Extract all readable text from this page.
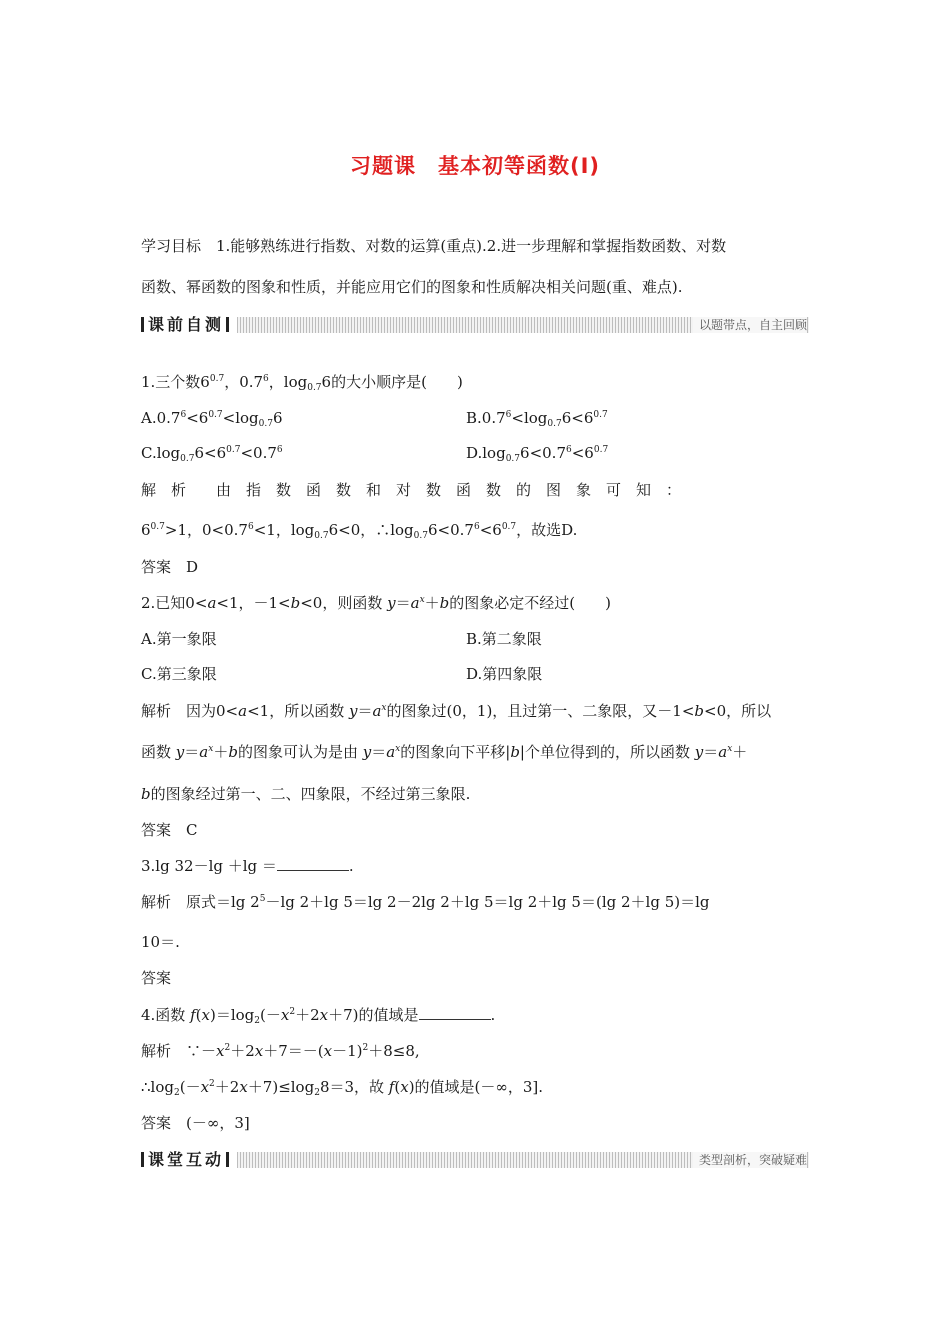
习题课　基本初等函数(Ⅰ)
学习目标　1.能够熟练进行指数、对数的运算(重点).2.进一步理解和掌握指数函数、对数
函数、幂函数的图象和性质，并能应用它们的图象和性质解决相关问题(重、难点).
课前自测	以题带点，自主回顾
1.三个数$6^{0.7}$，$0.7^6$，$\log_{0.7}6$的大小顺序是(　　)
$A.0.7^6<6^{0.7}<\log_{0.7}6$	$B.0.7^6<\log_{0.7}6<6^{0.7}$
$C.\log_{0.7}6<6^{0.7}<0.7^6$	$D.\log_{0.7}6<0.7^6<6^{0.7}$
解　析　　由　指　数　函　数　和　对　数　函　数　的　图　象　可　知　：
$6^{0.7}>1$，$0<0.7^6<1$，$\log_{0.7}6<0$，$\therefore\log_{0.7}6<0.7^6<6^{0.7}$，故选D.
答案　D
2.已知0<a<1，－1<b<0，则函数 $y=a^x+b$的图象必定不经过(　　)
A.第一象限	B.第二象限
C.第三象限	D.第四象限
解析　因为0<a<1，所以函数 $y=a^x$的图象过(0，1)，且过第一、二象限，又－1<b<0，所以
函数 $y=a^x+b$的图象可认为是由 $y=a^x$的图象向下平移|b|个单位得到的，所以函数 $y=a^x+$
b的图象经过第一、二、四象限，不经过第三象限.
答案　C
3.lg 32－lg ＋lg ＝	.
解析　原式＝lg $2^5-\lg$ 2＋lg 5＝lg 2－2lg 2＋lg 5＝lg 2＋lg 5＝(lg 2＋lg 5)＝lg
10＝.
答案
4.函数 $f(x)=\log_2(-x^2+2x+7)$的值域是	.
解析　$\because-x^2+2x+7=-(x-1)^2+8\le 8$,
$\therefore\log_2(-x^2+2x+7)\le\log_28=3$，故 f(x)的值域是(－∞，3].
答案　(－∞，3]
课堂互动	类型剖析，突破疑难
